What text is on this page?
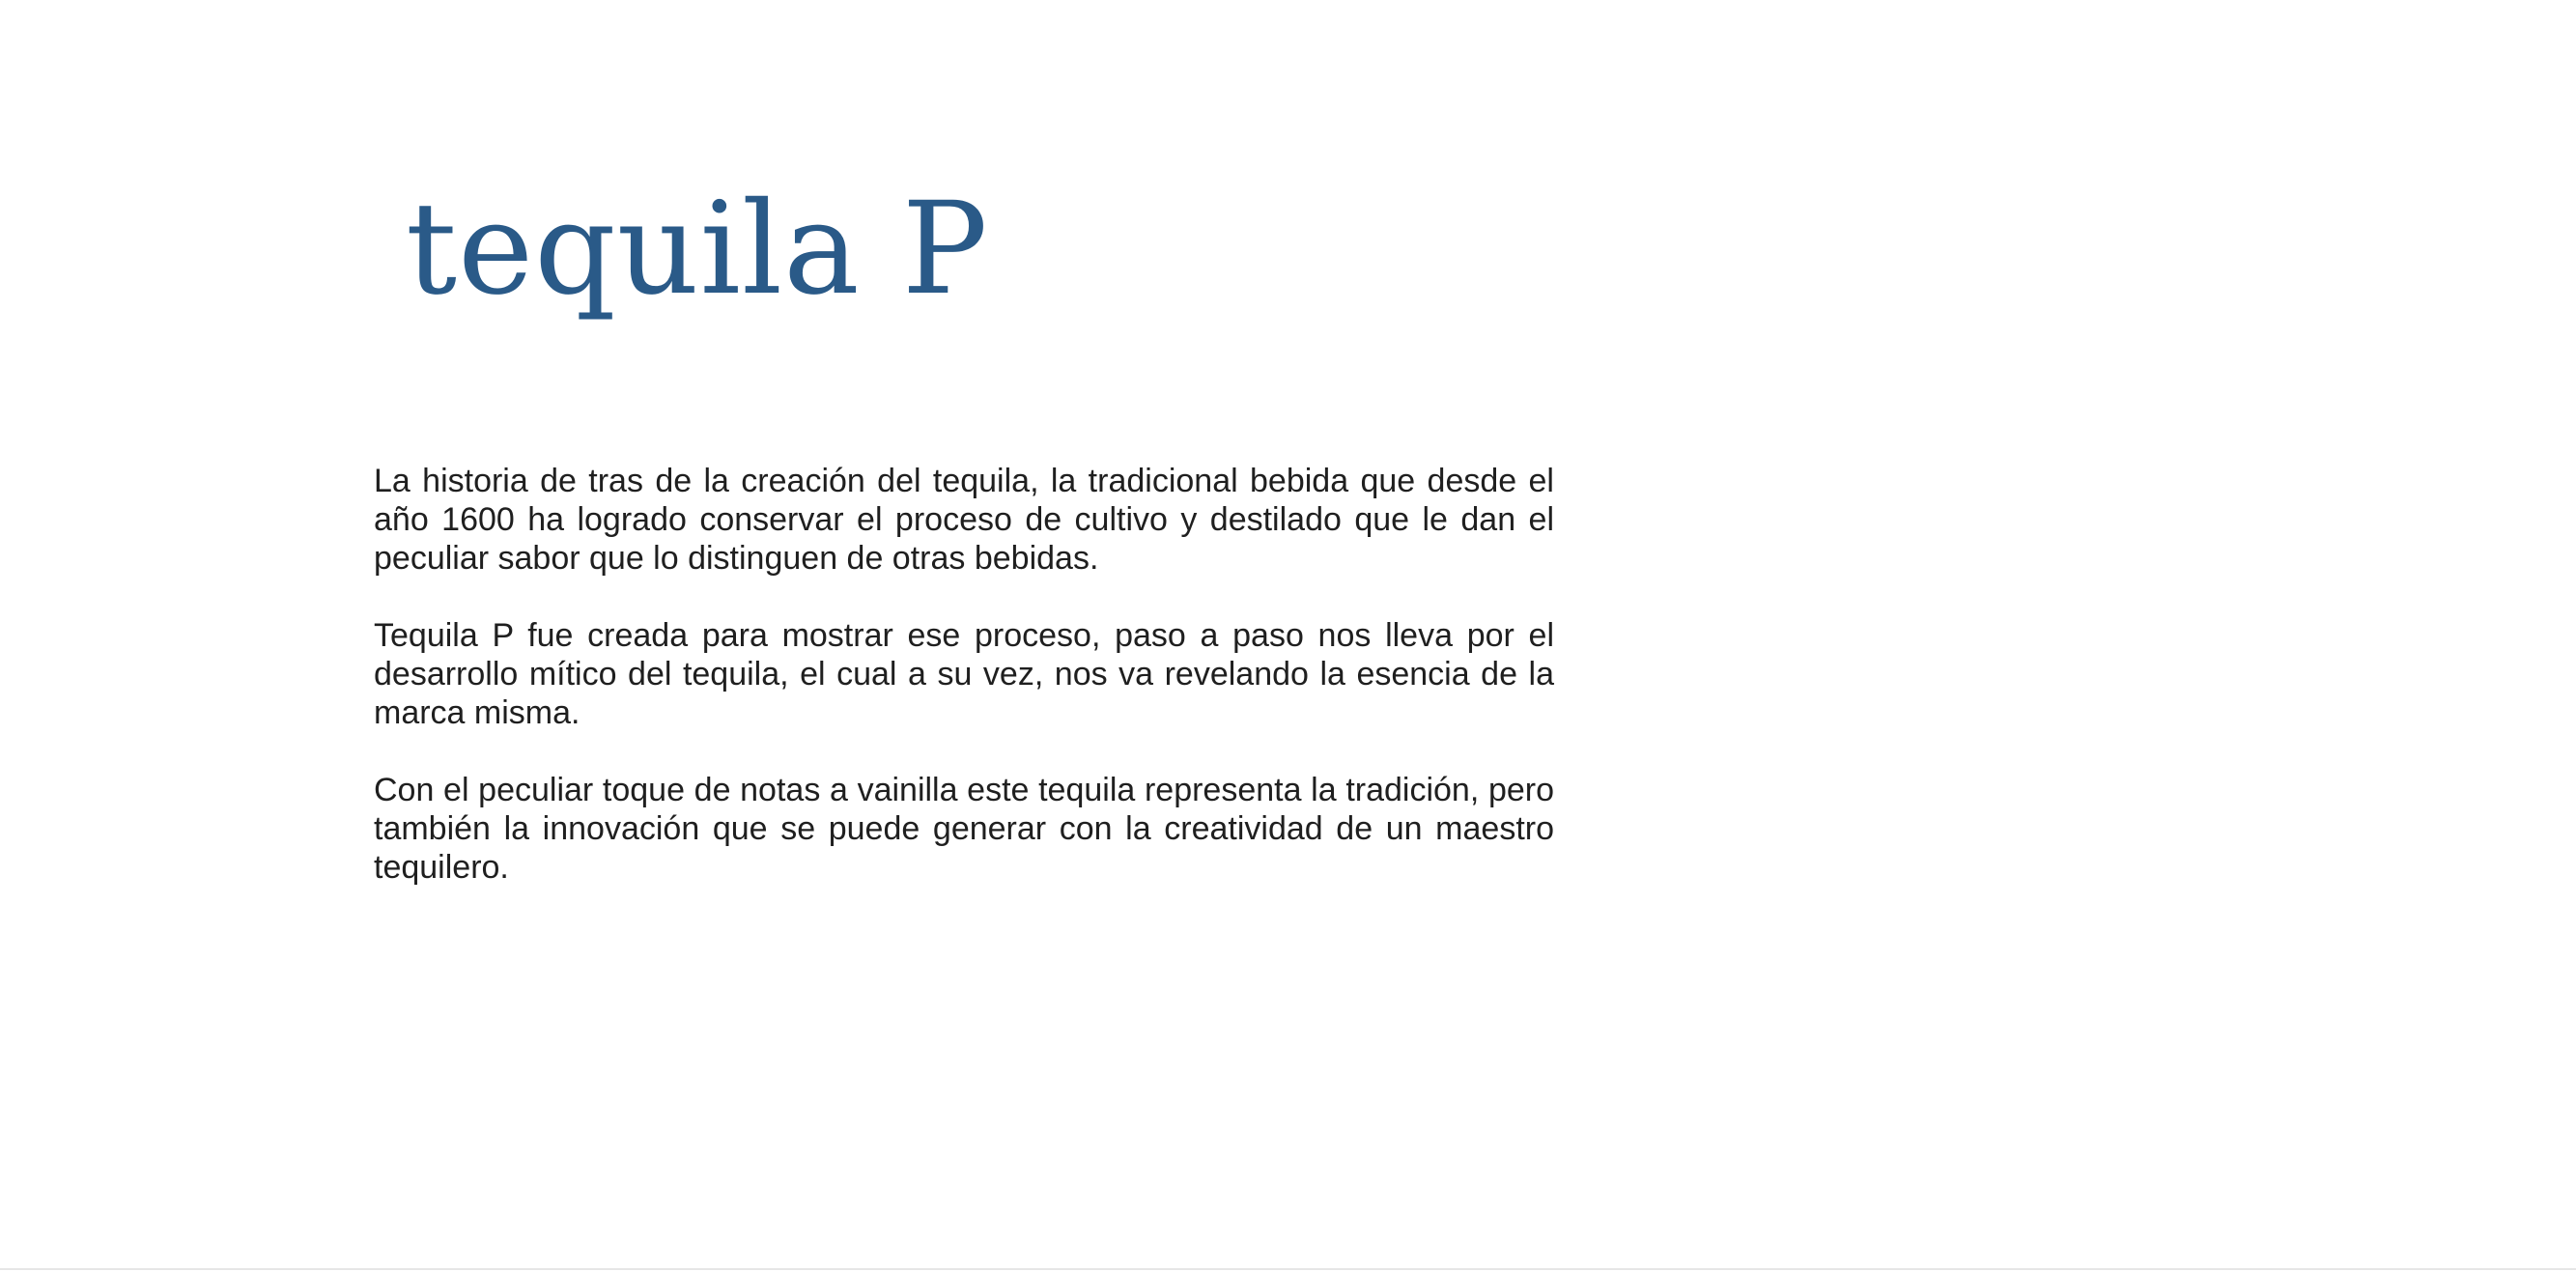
tequila P

La historia de tras de la creación del tequila, la tradicional bebida que desde el año 1600 ha logrado conservar el proceso de cultivo y destilado que le dan el peculiar sabor que lo distinguen de otras bebidas.

Tequila P fue creada para mostrar ese proceso, paso a paso nos lleva por el desarrollo mítico del tequila, el cual a su vez, nos va revelando la esencia de la marca misma.

Con el peculiar toque de notas a vainilla este tequila representa la tradición, pero también la innovación que se puede generar con la creatividad de un maestro tequilero.
